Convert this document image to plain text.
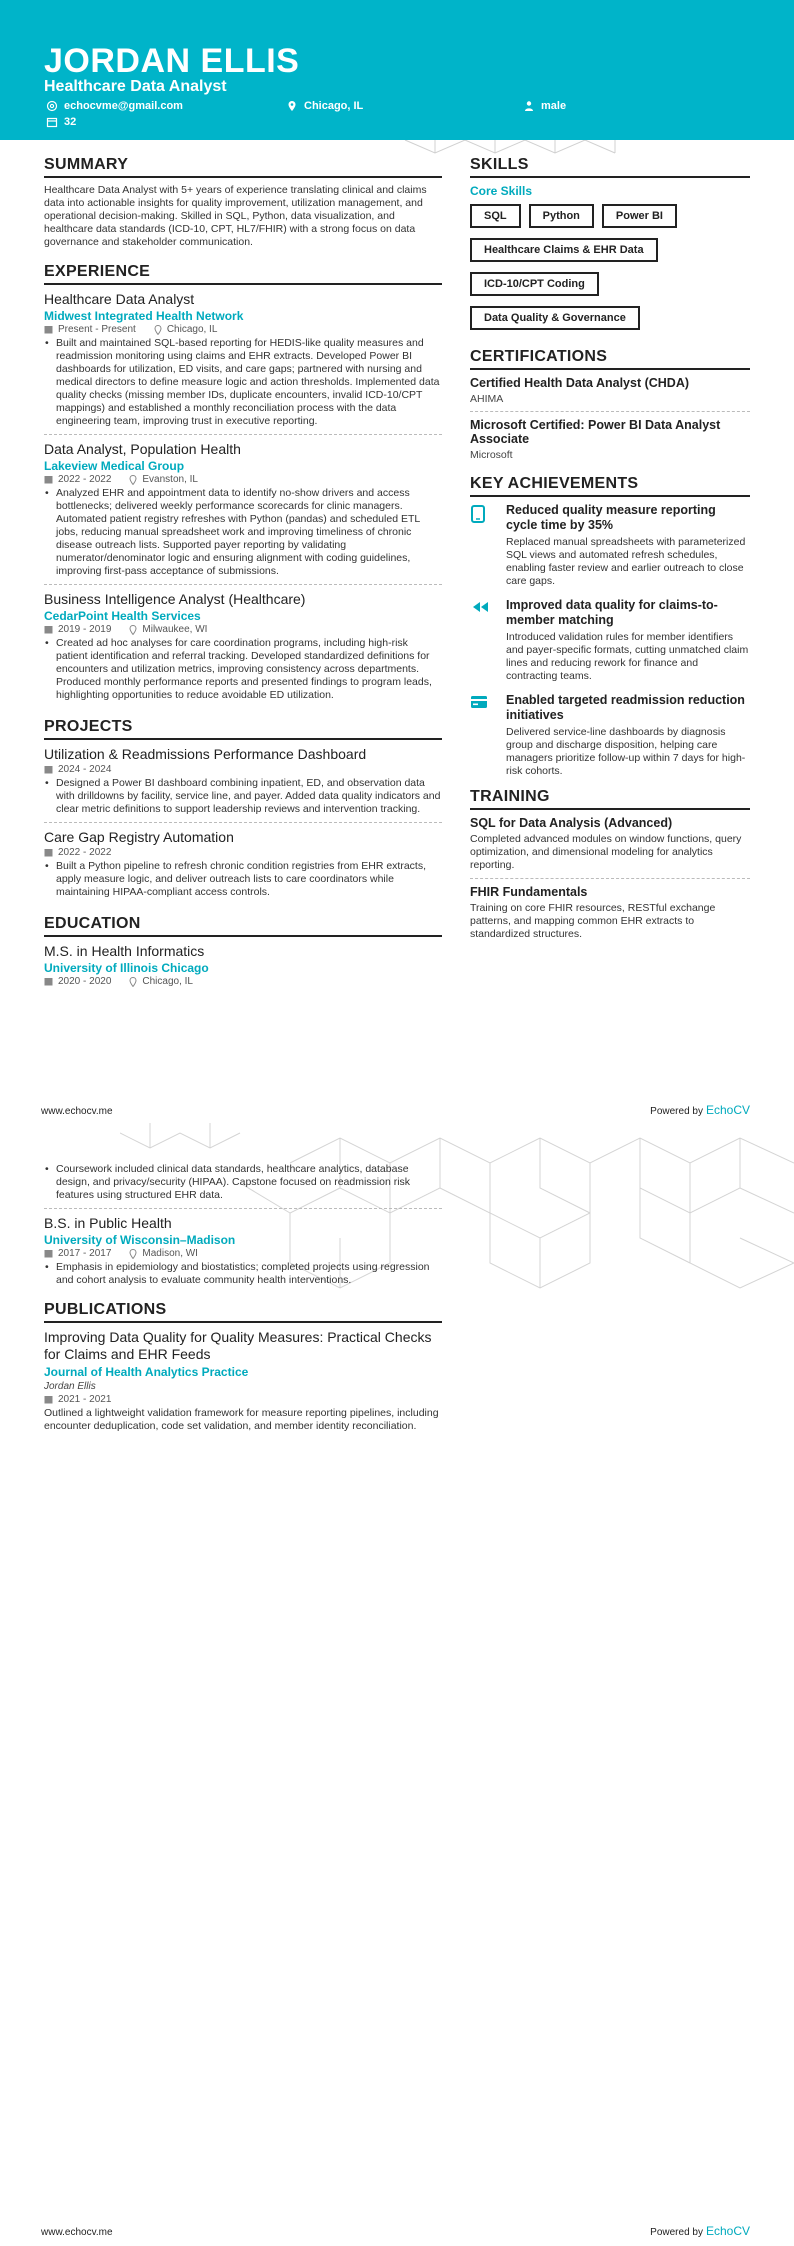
JORDAN ELLIS
Healthcare Data Analyst
echocvme@gmail.com	Chicago, IL	male
32
SUMMARY

Healthcare Data Analyst with 5+ years of experience translating clinical and claims data into actionable insights for quality improvement, utilization management, and operational decision-making. Skilled in SQL, Python, data visualization, and healthcare data standards (ICD-10, CPT, HL7/FHIR) with a strong focus on data governance and stakeholder communication.

EXPERIENCE

Healthcare Data Analyst

Midwest Integrated Health Network

Present - Present	Chicago, IL

• Built and maintained SQL-based reporting for HEDIS-like quality measures and readmission monitoring using claims and EHR extracts. Developed Power BI dashboards for utilization, ED visits, and care gaps; partnered with nursing and medical directors to define measure logic and action thresholds. Implemented data quality checks (missing member IDs, duplicate encounters, invalid ICD-10/CPT mappings) and established a monthly reconciliation process with the data engineering team, improving trust in executive reporting.

Data Analyst, Population Health

Lakeview Medical Group

2022 - 2022	Evanston, IL

• Analyzed EHR and appointment data to identify no-show drivers and access bottlenecks; delivered weekly performance scorecards for clinic managers. Automated patient registry refreshes with Python (pandas) and scheduled ETL jobs, reducing manual spreadsheet work and improving timeliness of chronic disease outreach lists. Supported payer reporting by validating numerator/denominator logic and ensuring alignment with coding guidelines, improving first-pass acceptance of submissions.

Business Intelligence Analyst (Healthcare)

CedarPoint Health Services

2019 - 2019	Milwaukee, WI

• Created ad hoc analyses for care coordination programs, including high-risk patient identification and referral tracking. Developed standardized definitions for encounters and utilization metrics, improving consistency across departments. Produced monthly performance reports and presented findings to program leads, highlighting opportunities to reduce avoidable ED utilization.

PROJECTS

Utilization & Readmissions Performance Dashboard

2024 - 2024

• Designed a Power BI dashboard combining inpatient, ED, and observation data with drilldowns by facility, service line, and payer. Added data quality indicators and clear metric definitions to support leadership reviews and intervention tracking.

Care Gap Registry Automation

2022 - 2022

• Built a Python pipeline to refresh chronic condition registries from EHR extracts, apply measure logic, and deliver outreach lists to care coordinators while maintaining HIPAA-compliant access controls.

EDUCATION

M.S. in Health Informatics

University of Illinois Chicago

2020 - 2020	Chicago, IL
SKILLS

Core Skills

SQL	Python	Power BI
Healthcare Claims & EHR Data
ICD-10/CPT Coding
Data Quality & Governance
CERTIFICATIONS

Certified Health Data Analyst (CHDA)

AHIMA

Microsoft Certified: Power BI Data Analyst Associate

Microsoft

KEY ACHIEVEMENTS

Reduced quality measure reporting cycle time by 35%

Replaced manual spreadsheets with parameterized SQL views and automated refresh schedules, enabling faster review and earlier outreach to close care gaps.

Improved data quality for claims-to-member matching

Introduced validation rules for member identifiers and payer-specific formats, cutting unmatched claim lines and reducing rework for finance and contracting teams.

Enabled targeted readmission reduction initiatives

Delivered service-line dashboards by diagnosis group and discharge disposition, helping care managers prioritize follow-up within 7 days for high-risk cohorts.

TRAINING

SQL for Data Analysis (Advanced)

Completed advanced modules on window functions, query optimization, and dimensional modeling for analytics reporting.

FHIR Fundamentals

Training on core FHIR resources, RESTful exchange patterns, and mapping common EHR extracts to standardized structures.

www.echocv.me	Powered by EchoCV

• Coursework included clinical data standards, healthcare analytics, database design, and privacy/security (HIPAA). Capstone focused on readmission risk features using structured EHR data.

B.S. in Public Health

University of Wisconsin–Madison

2017 - 2017	Madison, WI

• Emphasis in epidemiology and biostatistics; completed projects using regression and cohort analysis to evaluate community health interventions.

PUBLICATIONS

Improving Data Quality for Quality Measures: Practical Checks for Claims and EHR Feeds

Journal of Health Analytics Practice

Jordan Ellis

2021 - 2021

Outlined a lightweight validation framework for measure reporting pipelines, including encounter deduplication, code set validation, and member identity reconciliation.

www.echocv.me	Powered by EchoCV
